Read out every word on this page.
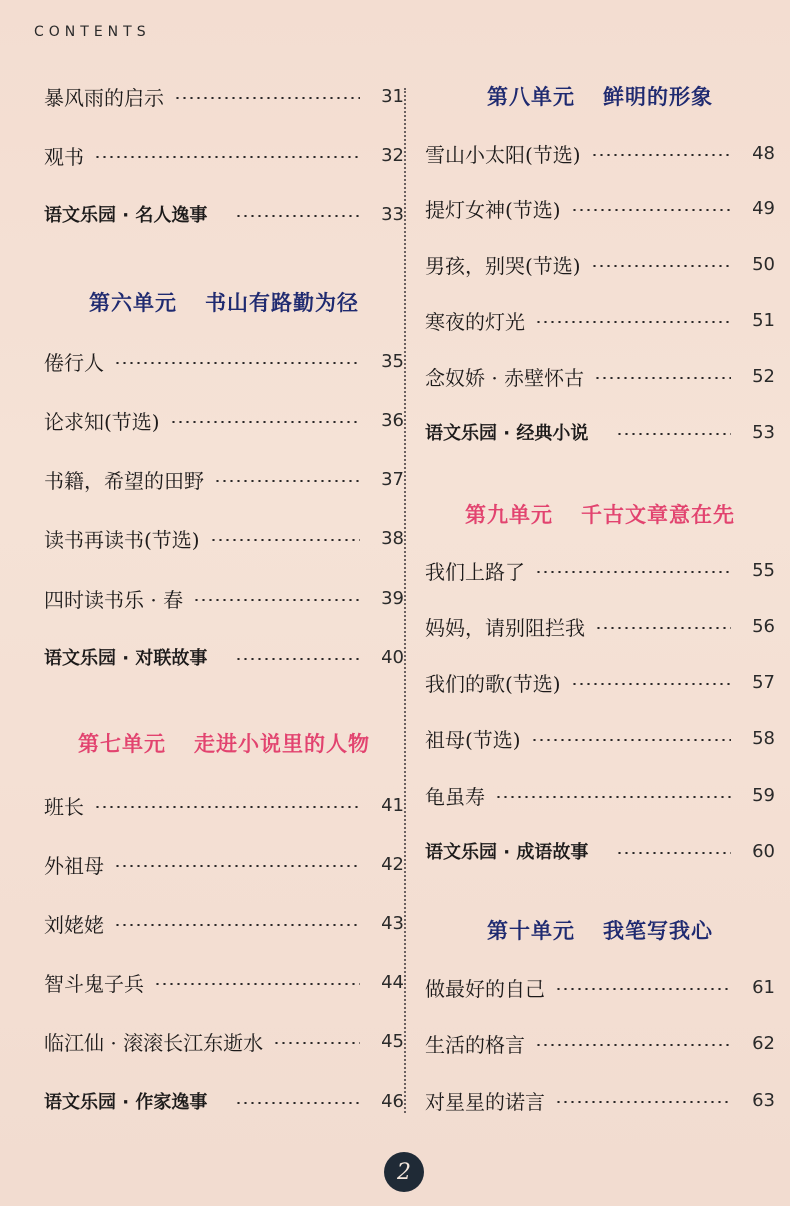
CONTENTS
暴风雨的启示	31
观书	32
语文乐园 · 名人逸事	33
第六单元 书山有路勤为径
倦行人	35
论求知(节选)	36
书籍，希望的田野	37
读书再读书(节选)	38
四时读书乐 · 春	39
语文乐园 · 对联故事	40
第七单元 走进小说里的人物
班长	41
外祖母	42
刘姥姥	43
智斗鬼子兵	44
临江仙 · 滚滚长江东逝水	45
语文乐园 · 作家逸事	46
第八单元 鲜明的形象
雪山小太阳(节选)	48
提灯女神(节选)	49
男孩，别哭(节选)	50
寒夜的灯光	51
念奴娇 · 赤壁怀古	52
语文乐园 · 经典小说	53
第九单元 千古文章意在先
我们上路了	55
妈妈，请别阻拦我	56
我们的歌(节选)	57
祖母(节选)	58
龟虽寿	59
语文乐园 · 成语故事	60
第十单元 我笔写我心
做最好的自己	61
生活的格言	62
对星星的诺言	63
2
